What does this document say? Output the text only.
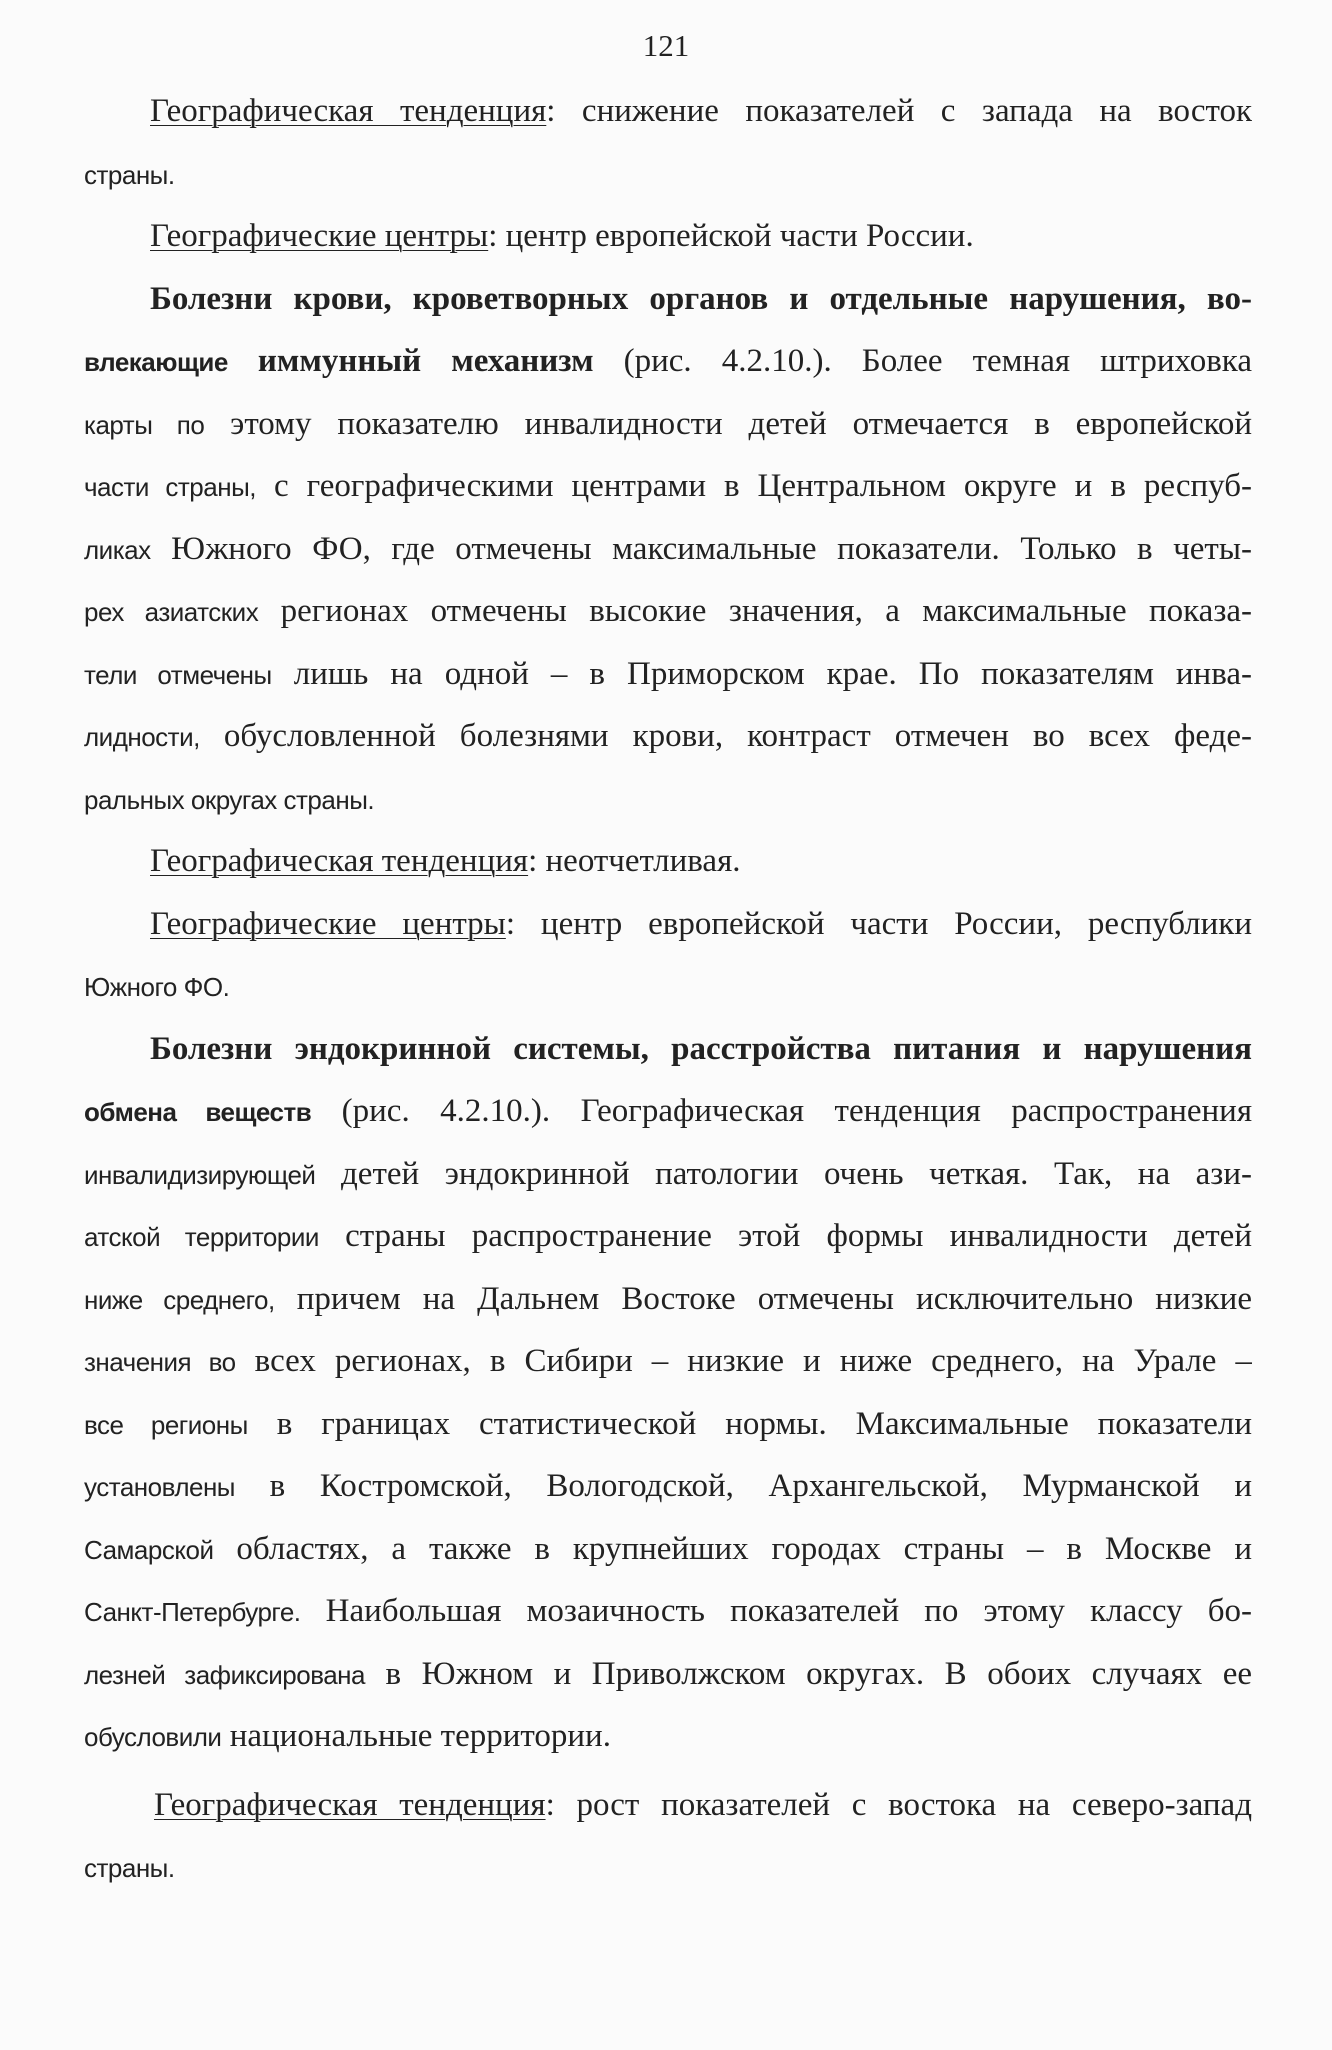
121
Географическая тенденция: снижение показателей с запада на восток
страны.
Географические центры: центр европейской части России.
Болезни крови, кроветворных органов и отдельные нарушения, во-
влекающие иммунный механизм (рис. 4.2.10.). Более темная штриховка
карты по этому показателю инвалидности детей отмечается в европейской
части страны, с географическими центрами в Центральном округе и в респуб-
ликах Южного ФО, где отмечены максимальные показатели. Только в четы-
рех азиатских регионах отмечены высокие значения, а максимальные показа-
тели отмечены лишь на одной – в Приморском крае. По показателям инва-
лидности, обусловленной болезнями крови, контраст отмечен во всех феде-
ральных округах страны.
Географическая тенденция: неотчетливая.
Географические центры: центр европейской части России, республики
Южного ФО.
Болезни эндокринной системы, расстройства питания и нарушения
обмена веществ (рис. 4.2.10.). Географическая тенденция распространения
инвалидизирующей детей эндокринной патологии очень четкая. Так, на ази-
атской территории страны распространение этой формы инвалидности детей
ниже среднего, причем на Дальнем Востоке отмечены исключительно низкие
значения во всех регионах, в Сибири – низкие и ниже среднего, на Урале –
все регионы в границах статистической нормы. Максимальные показатели
установлены в Костромской, Вологодской, Архангельской, Мурманской и
Самарской областях, а также в крупнейших городах страны – в Москве и
Санкт-Петербурге. Наибольшая мозаичность показателей по этому классу бо-
лезней зафиксирована в Южном и Приволжском округах. В обоих случаях ее
обусловили национальные территории.
Географическая тенденция: рост показателей с востока на северо-запад
страны.
